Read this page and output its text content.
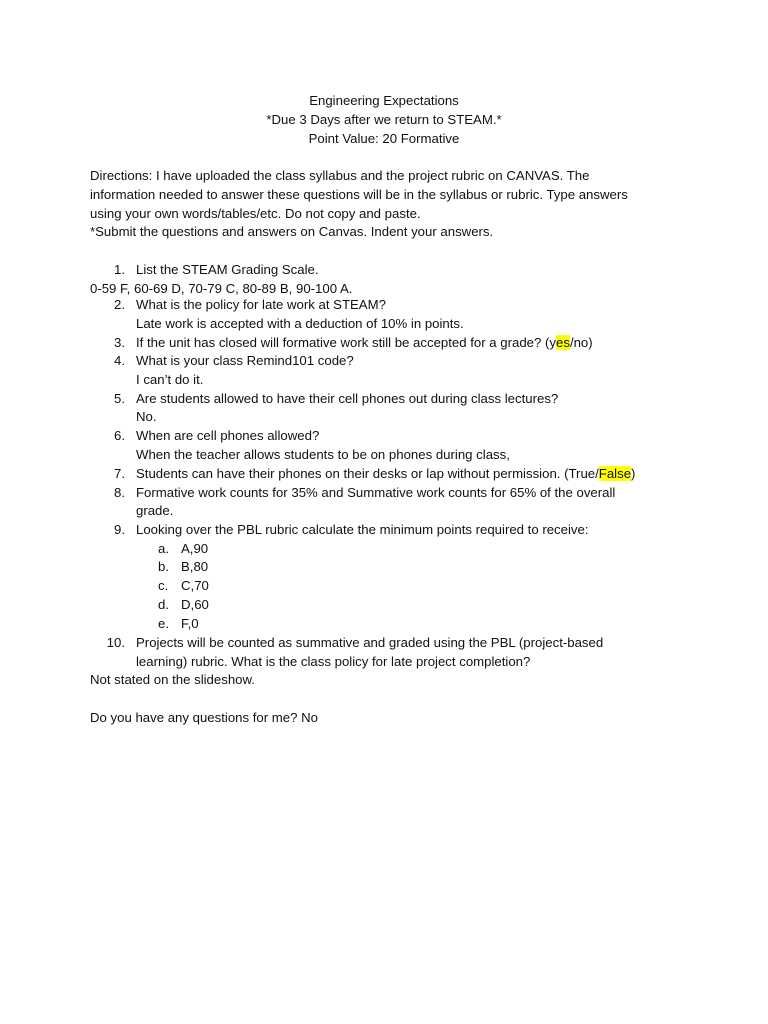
Engineering Expectations
*Due 3 Days after we return to STEAM.*
Point Value: 20 Formative
Directions: I have uploaded the class syllabus and the project rubric on CANVAS. The
information needed to answer these questions will be in the syllabus or rubric. Type answers
using your own words/tables/etc. Do not copy and paste.
*Submit the questions and answers on Canvas. Indent your answers.
1. List the STEAM Grading Scale.
0-59 F, 60-69 D, 70-79 C, 80-89 B, 90-100 A.
2. What is the policy for late work at STEAM?
Late work is accepted with a deduction of 10% in points.
3. If the unit has closed will formative work still be accepted for a grade? (yes/no)
4. What is your class Remind101 code?
I can’t do it.
5. Are students allowed to have their cell phones out during class lectures?
No.
6. When are cell phones allowed?
When the teacher allows students to be on phones during class,
7. Students can have their phones on their desks or lap without permission. (True/False)
8. Formative work counts for 35% and Summative work counts for 65% of the overall
grade.
9. Looking over the PBL rubric calculate the minimum points required to receive:
a. A,90
b. B,80
c. C,70
d. D,60
e. F,0
10. Projects will be counted as summative and graded using the PBL (project-based
learning) rubric. What is the class policy for late project completion?
Not stated on the slideshow.
Do you have any questions for me? No
